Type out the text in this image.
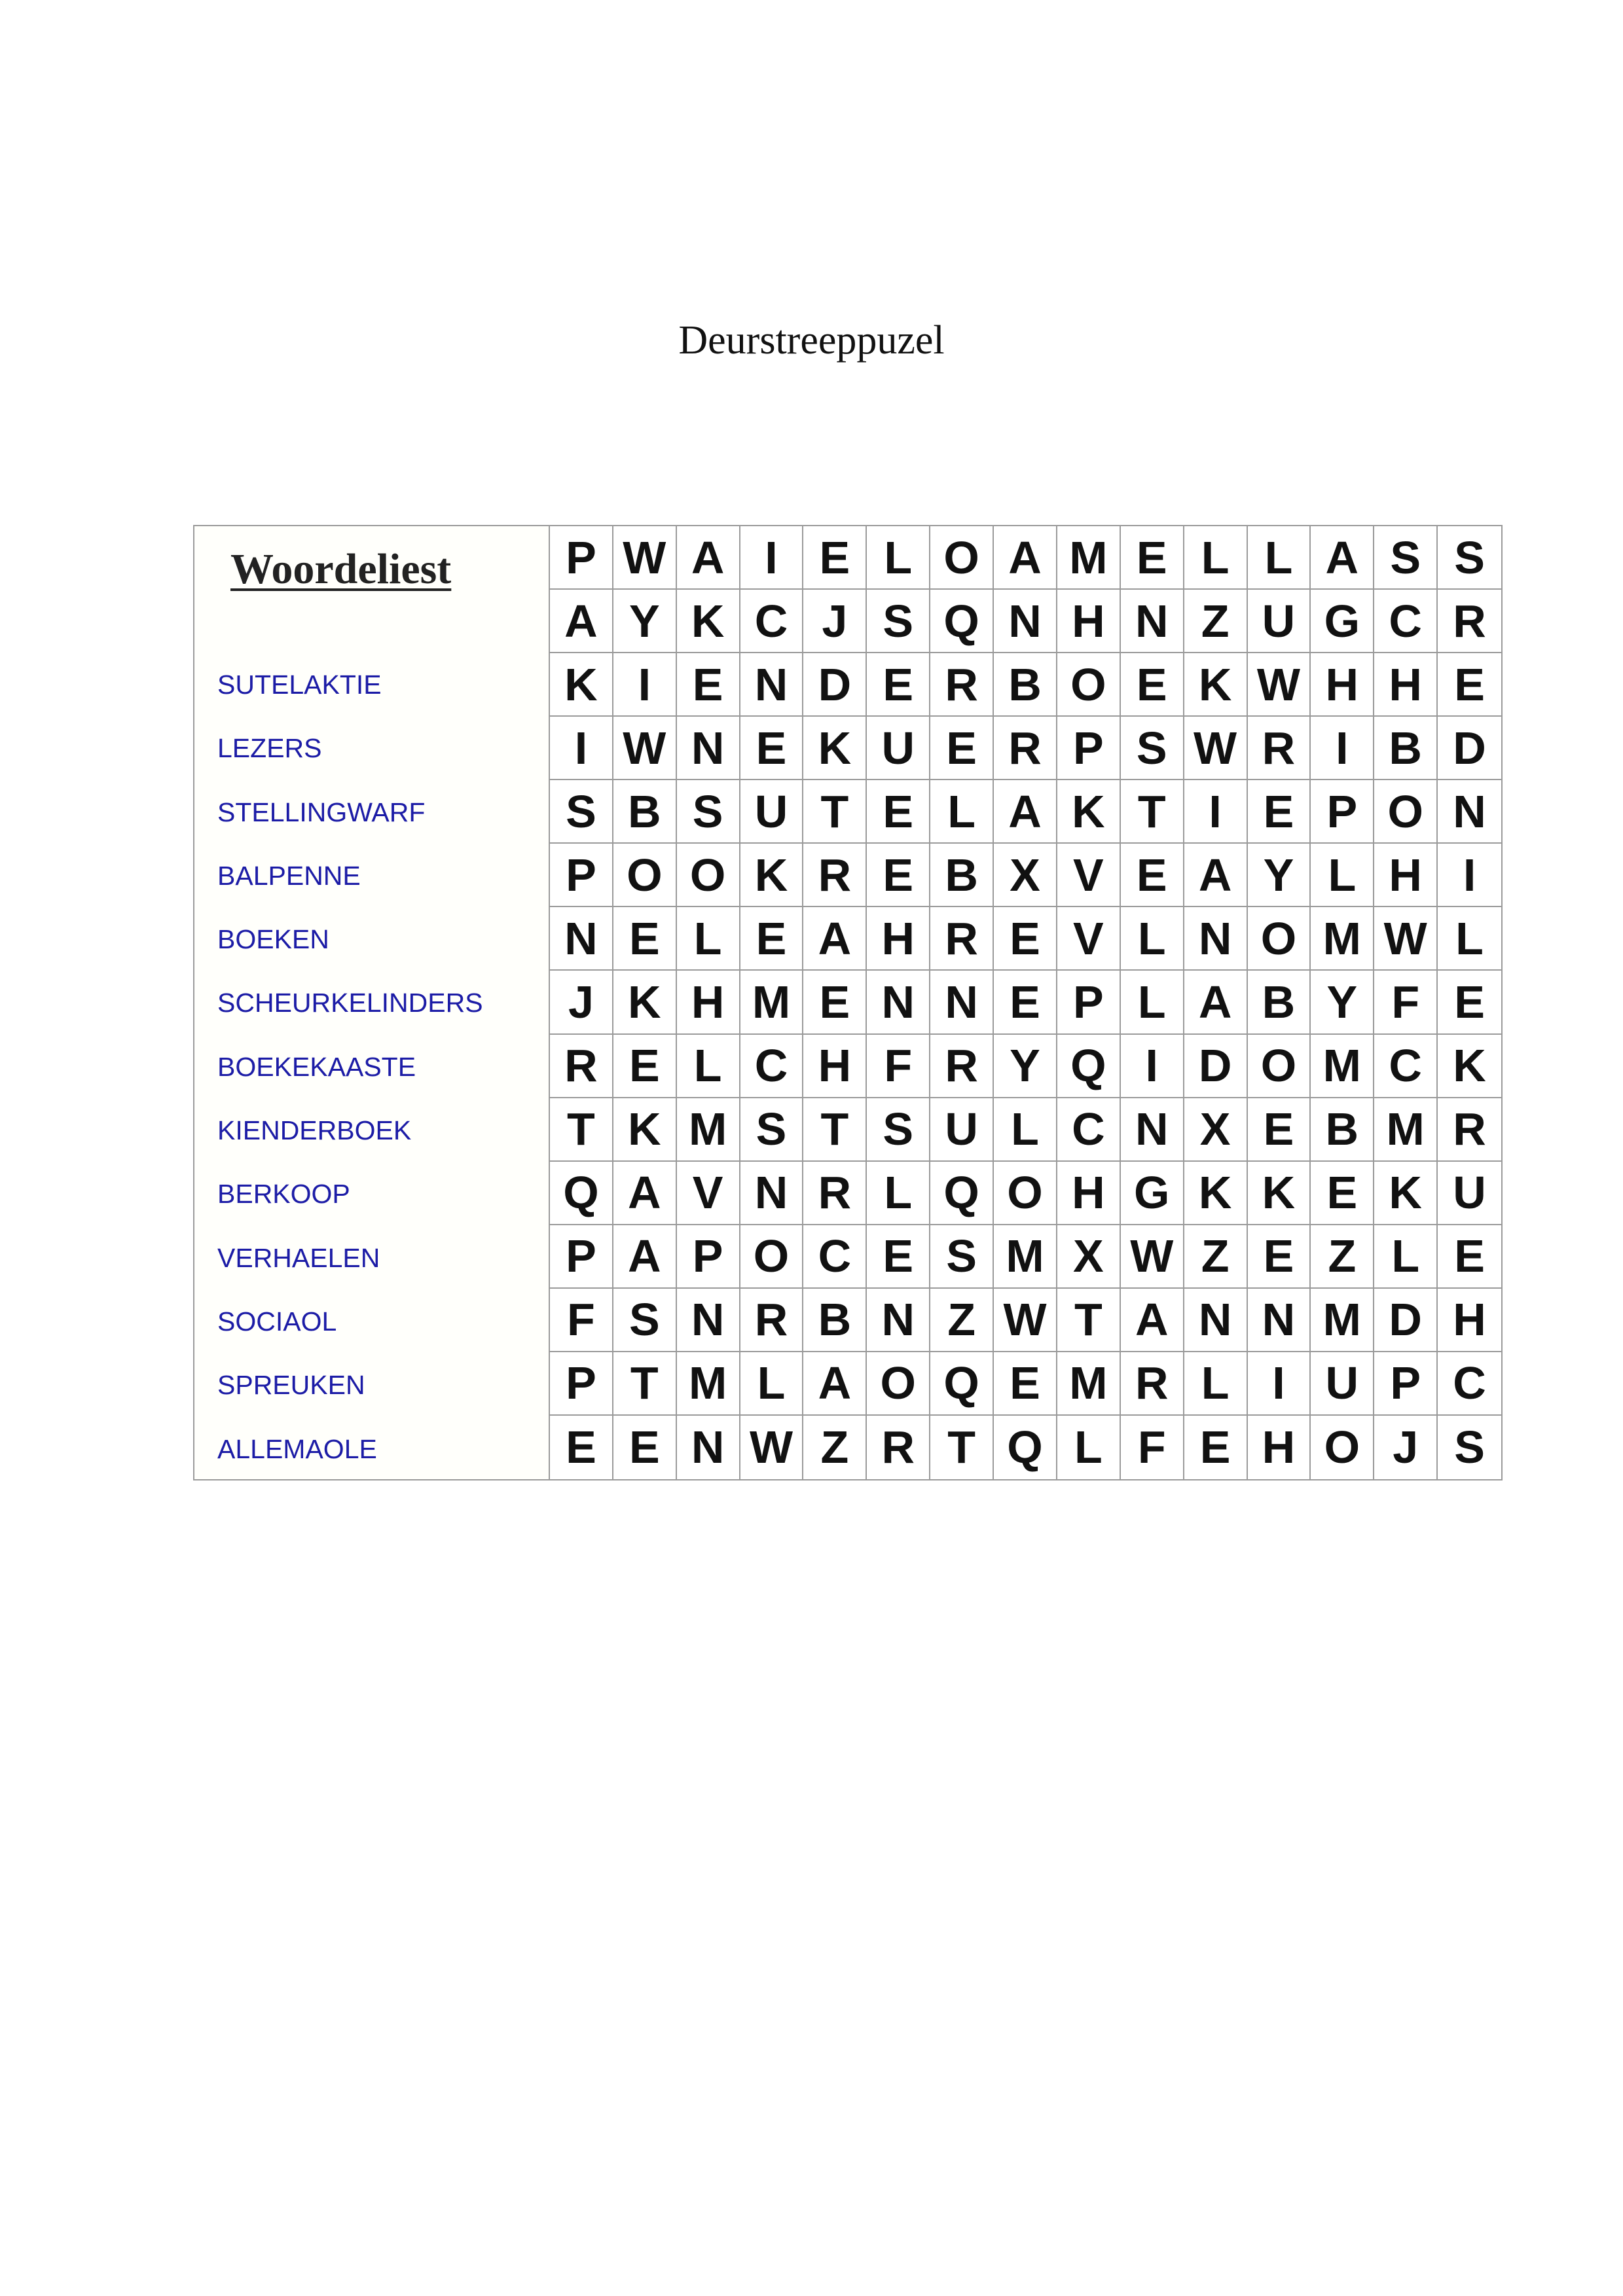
Deurstreeppuzel
Woordeliest
SUTELAKTIE
LEZERS
STELLINGWARF
BALPENNE
BOEKEN
SCHEURKELINDERS
BOEKEKAASTE
KIENDERBOEK
BERKOOP
VERHAELEN
SOCIAOL
SPREUKEN
ALLEMAOLE
P W A I E L O A M E L L A S S
A Y K C J S Q N H N Z U G C R
K I E N D E R B O E K W H H E
I W N E K U E R P S W R I B D
S B S U T E L A K T I E P O N
P O O K R E B X V E A Y L H I
N E L E A H R E V L N O M W L
J K H M E N N E P L A B Y F E
R E L C H F R Y Q I D O M C K
T K M S T S U L C N X E B M R
Q A V N R L Q O H G K K E K U
P A P O C E S M X W Z E Z L E
F S N R B N Z W T A N N M D H
P T M L A O Q E M R L I U P C
E E N W Z R T Q L F E H O J S
